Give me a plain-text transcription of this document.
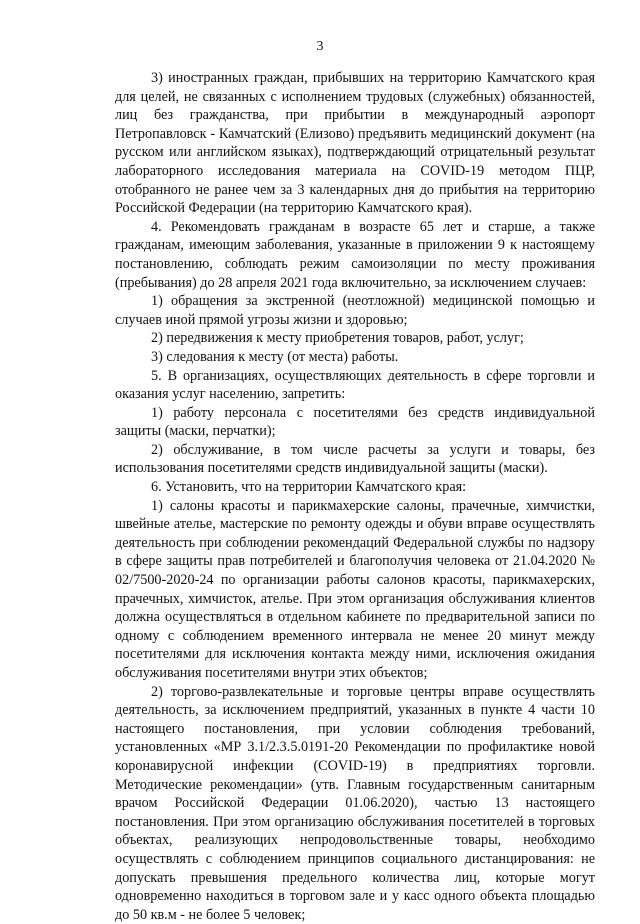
3

3) иностранных граждан, прибывших на территорию Камчатского края для целей, не связанных с исполнением трудовых (служебных) обязанностей, лиц без гражданства, при прибытии в международный аэропорт Петропавловск - Камчатский (Елизово) предъявить медицинский документ (на русском или английском языках), подтверждающий отрицательный результат лабораторного исследования материала на COVID-19 методом ПЦР, отобранного не ранее чем за 3 календарных дня до прибытия на территорию Российской Федерации (на территорию Камчатского края).

4. Рекомендовать гражданам в возрасте 65 лет и старше, а также гражданам, имеющим заболевания, указанные в приложении 9 к настоящему постановлению, соблюдать режим самоизоляции по месту проживания (пребывания) до 28 апреля 2021 года включительно, за исключением случаев:

1) обращения за экстренной (неотложной) медицинской помощью и случаев иной прямой угрозы жизни и здоровью;

2) передвижения к месту приобретения товаров, работ, услуг;

3) следования к месту (от места) работы.

5. В организациях, осуществляющих деятельность в сфере торговли и оказания услуг населению, запретить:

1) работу персонала с посетителями без средств индивидуальной защиты (маски, перчатки);

2) обслуживание, в том числе расчеты за услуги и товары, без использования посетителями средств индивидуальной защиты (маски).

6. Установить, что на территории Камчатского края:

1) салоны красоты и парикмахерские салоны, прачечные, химчистки, швейные ателье, мастерские по ремонту одежды и обуви вправе осуществлять деятельность при соблюдении рекомендаций Федеральной службы по надзору в сфере защиты прав потребителей и благополучия человека от 21.04.2020 № 02/7500-2020-24 по организации работы салонов красоты, парикмахерских, прачечных, химчисток, ателье. При этом организация обслуживания клиентов должна осуществляться в отдельном кабинете по предварительной записи по одному с соблюдением временного интервала не менее 20 минут между посетителями для исключения контакта между ними, исключения ожидания обслуживания посетителями внутри этих объектов;

2) торгово-развлекательные и торговые центры вправе осуществлять деятельность, за исключением предприятий, указанных в пункте 4 части 10 настоящего постановления, при условии соблюдения требований, установленных «МР 3.1/2.3.5.0191-20 Рекомендации по профилактике новой коронавирусной инфекции (COVID-19) в предприятиях торговли. Методические рекомендации» (утв. Главным государственным санитарным врачом Российской Федерации 01.06.2020), частью 13 настоящего постановления. При этом организацию обслуживания посетителей в торговых объектах, реализующих непродовольственные товары, необходимо осуществлять с соблюдением принципов социального дистанцирования: не допускать превышения предельного количества лиц, которые могут одновременно находиться в торговом зале и у касс одного объекта площадью до 50 кв.м - не более 5 человек;
